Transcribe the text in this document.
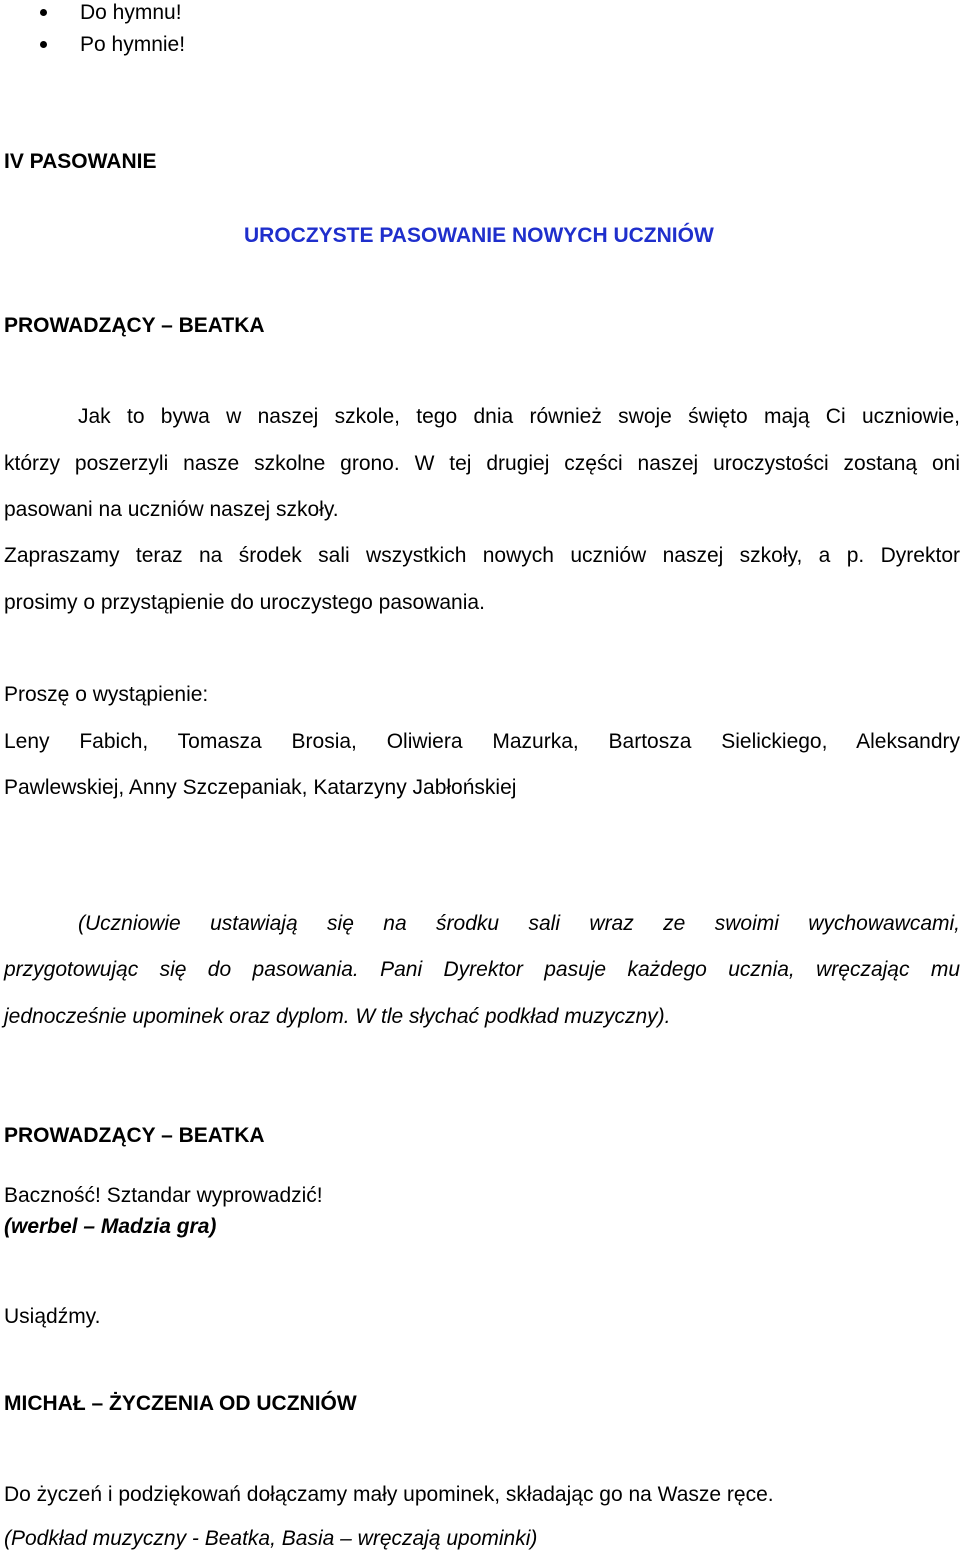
Do hymnu!
Po hymnie!

IV PASOWANIE

UROCZYSTE PASOWANIE NOWYCH UCZNIÓW

PROWADZĄCY – BEATKA

Jak to bywa w naszej szkole, tego dnia również swoje święto mają Ci uczniowie,

którzy poszerzyli nasze szkolne grono. W tej drugiej części naszej uroczystości zostaną oni

pasowani na uczniów naszej szkoły.

Zapraszamy teraz na środek sali wszystkich nowych uczniów naszej szkoły, a p. Dyrektor

prosimy o przystąpienie do uroczystego pasowania.

Proszę o wystąpienie:

Leny Fabich, Tomasza Brosia, Oliwiera Mazurka, Bartosza Sielickiego, Aleksandry

Pawlewskiej, Anny Szczepaniak, Katarzyny Jabłońskiej

(Uczniowie ustawiają się na środku sali wraz ze swoimi wychowawcami,

przygotowując się do pasowania. Pani Dyrektor pasuje każdego ucznia, wręczając mu

jednocześnie upominek oraz dyplom. W tle słychać podkład muzyczny).

PROWADZĄCY – BEATKA

Baczność! Sztandar wyprowadzić!

(werbel – Madzia gra)

Usiądźmy.

MICHAŁ – ŻYCZENIA OD UCZNIÓW

Do życzeń i podziękowań dołączamy mały upominek, składając go na Wasze ręce.

(Podkład muzyczny - Beatka, Basia – wręczają upominki)
